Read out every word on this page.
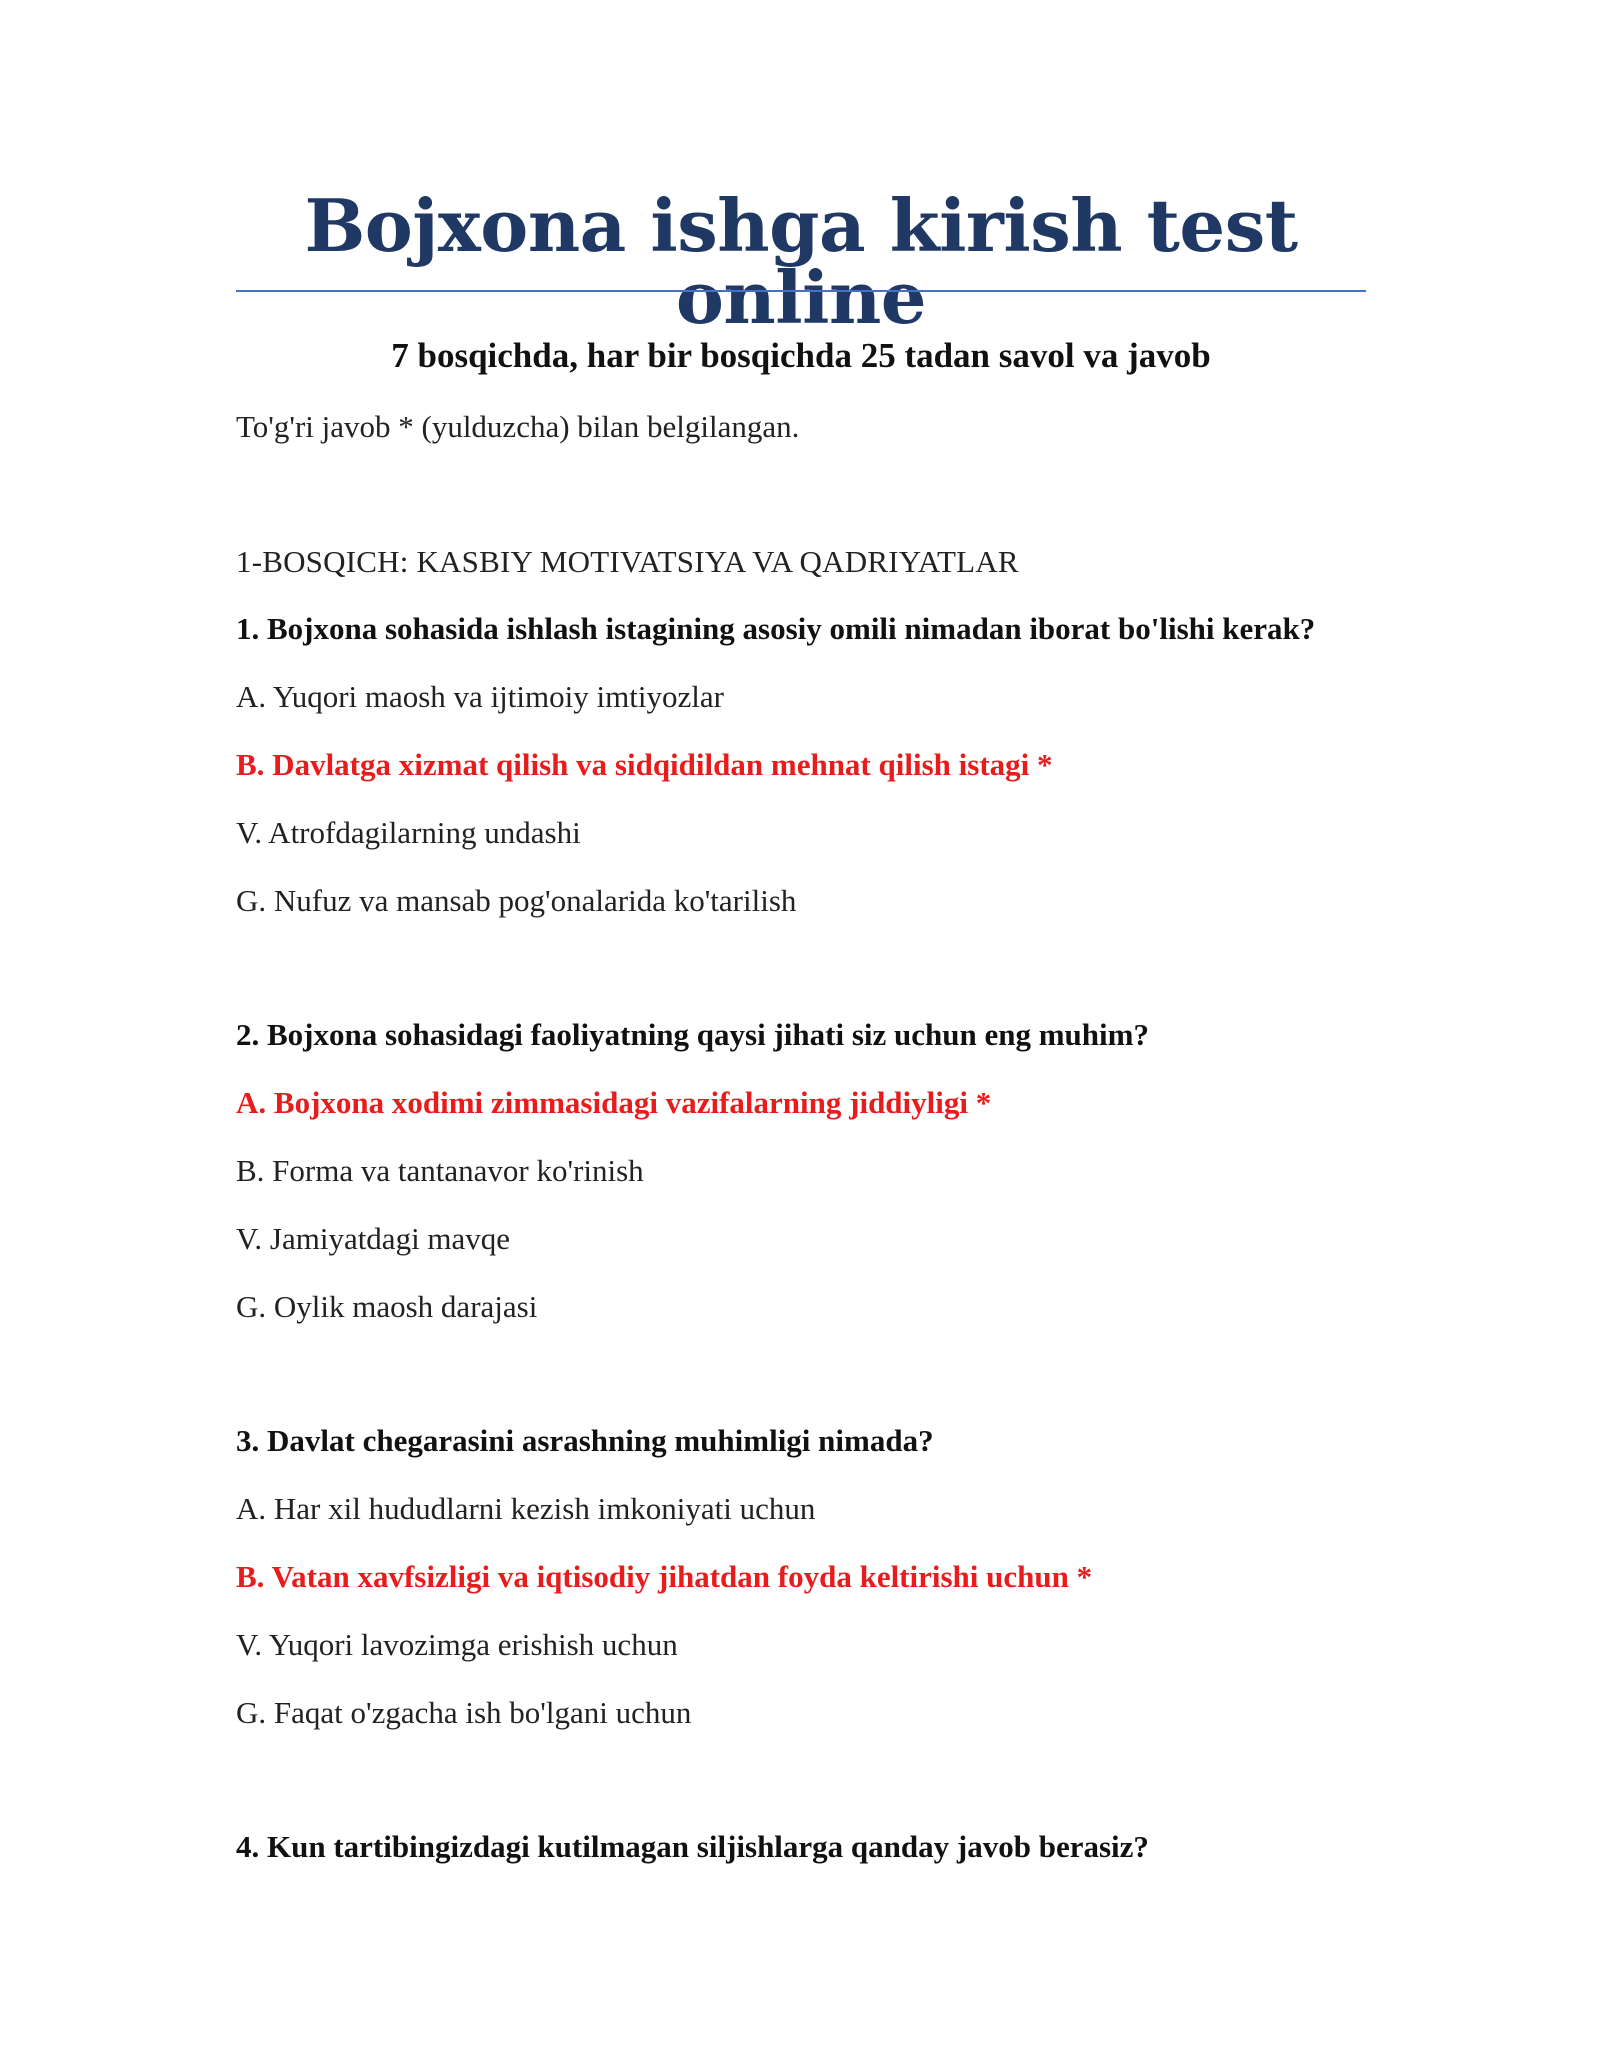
Bojxona ishga kirish test online
7 bosqichda, har bir bosqichda 25 tadan savol va javob
To'g'ri javob * (yulduzcha) bilan belgilangan.
1-BOSQICH: KASBIY MOTIVATSIYA VA QADRIYATLAR
1. Bojxona sohasida ishlash istagining asosiy omili nimadan iborat bo'lishi kerak?
A. Yuqori maosh va ijtimoiy imtiyozlar
B. Davlatga xizmat qilish va sidqidildan mehnat qilish istagi *
V. Atrofdagilarning undashi
G. Nufuz va mansab pog'onalarida ko'tarilish
2. Bojxona sohasidagi faoliyatning qaysi jihati siz uchun eng muhim?
A. Bojxona xodimi zimmasidagi vazifalarning jiddiyligi *
B. Forma va tantanavor ko'rinish
V. Jamiyatdagi mavqe
G. Oylik maosh darajasi
3. Davlat chegarasini asrashning muhimligi nimada?
A. Har xil hududlarni kezish imkoniyati uchun
B. Vatan xavfsizligi va iqtisodiy jihatdan foyda keltirishi uchun *
V. Yuqori lavozimga erishish uchun
G. Faqat o'zgacha ish bo'lgani uchun
4. Kun tartibingizdagi kutilmagan siljishlarga qanday javob berasiz?
